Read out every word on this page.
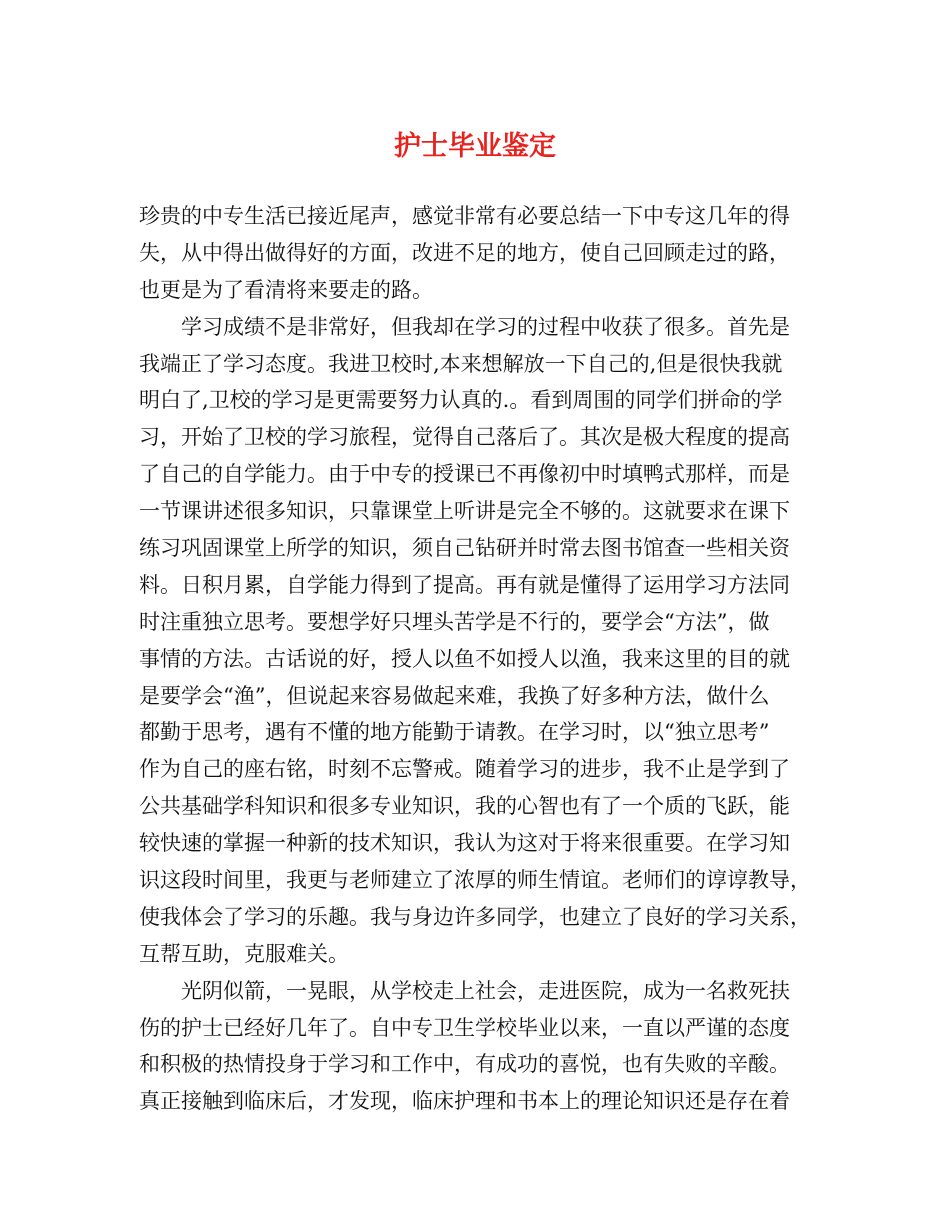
护士毕业鉴定
珍贵的中专生活已接近尾声，感觉非常有必要总结一下中专这几年的得
失，从中得出做得好的方面，改进不足的地方，使自己回顾走过的路，
也更是为了看清将来要走的路。
学习成绩不是非常好，但我却在学习的过程中收获了很多。首先是
我端正了学习态度。我进卫校时,本来想解放一下自己的,但是很快我就
明白了,卫校的学习是更需要努力认真的.。看到周围的同学们拼命的学
习，开始了卫校的学习旅程，觉得自己落后了。其次是极大程度的提高
了自己的自学能力。由于中专的授课已不再像初中时填鸭式那样，而是
一节课讲述很多知识，只靠课堂上听讲是完全不够的。这就要求在课下
练习巩固课堂上所学的知识，须自己钻研并时常去图书馆查一些相关资
料。日积月累，自学能力得到了提高。再有就是懂得了运用学习方法同
时注重独立思考。要想学好只埋头苦学是不行的，要学会“方法”，做
事情的方法。古话说的好，授人以鱼不如授人以渔，我来这里的目的就
是要学会“渔”，但说起来容易做起来难，我换了好多种方法，做什么
都勤于思考，遇有不懂的地方能勤于请教。在学习时，以“独立思考”
作为自己的座右铭，时刻不忘警戒。随着学习的进步，我不止是学到了
公共基础学科知识和很多专业知识，我的心智也有了一个质的飞跃，能
较快速的掌握一种新的技术知识，我认为这对于将来很重要。在学习知
识这段时间里，我更与老师建立了浓厚的师生情谊。老师们的谆谆教导，
使我体会了学习的乐趣。我与身边许多同学，也建立了良好的学习关系，
互帮互助，克服难关。
光阴似箭，一晃眼，从学校走上社会，走进医院，成为一名救死扶
伤的护士已经好几年了。自中专卫生学校毕业以来，一直以严谨的态度
和积极的热情投身于学习和工作中，有成功的喜悦，也有失败的辛酸。
真正接触到临床后，才发现，临床护理和书本上的理论知识还是存在着
